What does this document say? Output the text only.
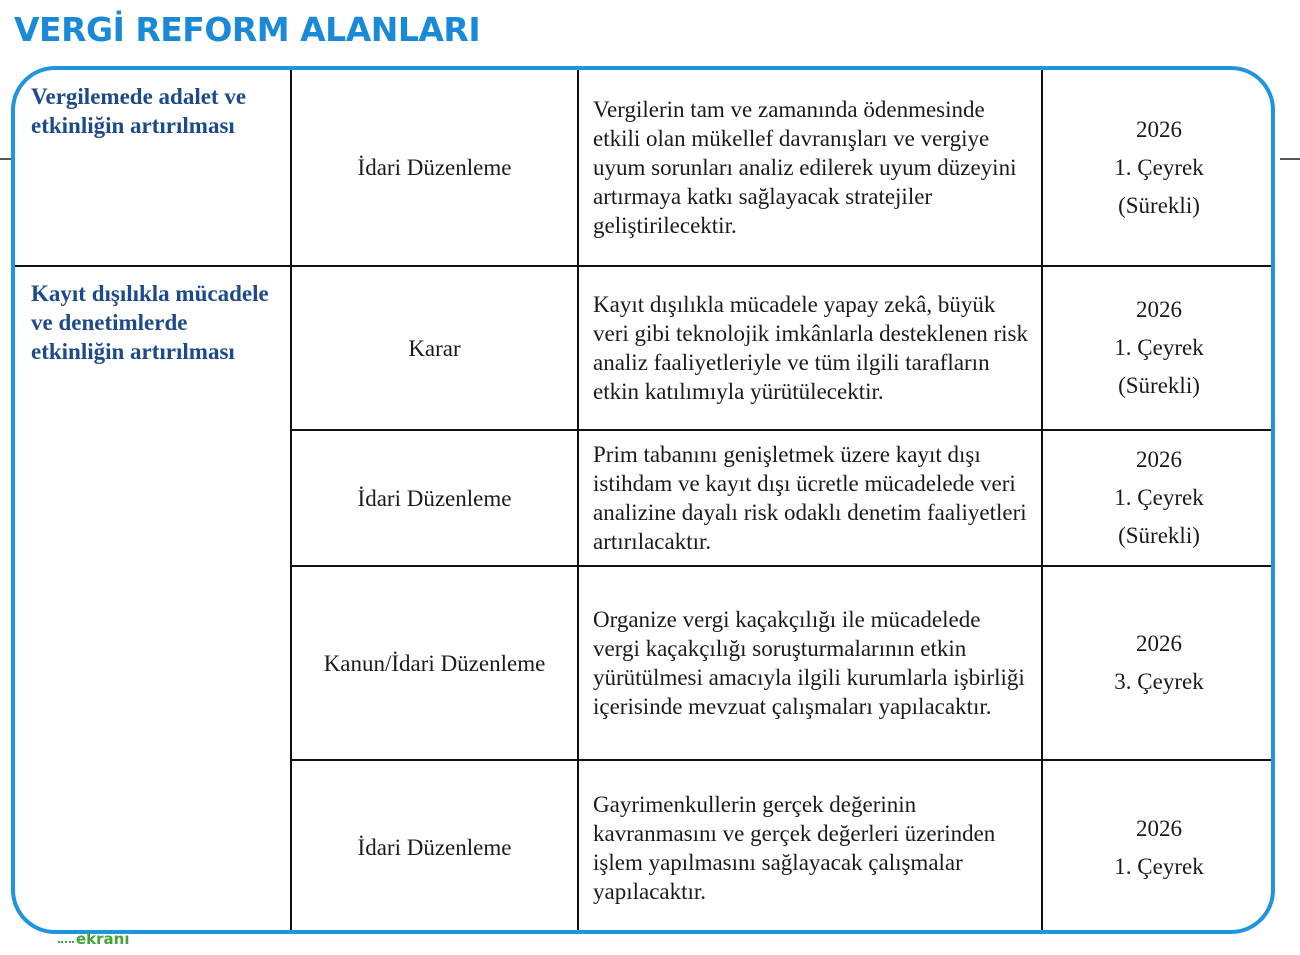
VERGİ REFORM ALANLARI
Vergilemede adalet ve etkinliğin artırılması	İdari Düzenleme	Vergilerin tam ve zamanında ödenmesinde etkili olan mükellef davranışları ve vergiye uyum sorunları analiz edilerek uyum düzeyini artırmaya katkı sağlayacak stratejiler geliştirilecektir.	2026
1. Çeyrek
(Sürekli)

Kayıt dışılıkla mücadele ve denetimlerde etkinliğin artırılması	Karar	Kayıt dışılıkla mücadele yapay zekâ, büyük veri gibi teknolojik imkânlarla desteklenen risk analiz faaliyetleriyle ve tüm ilgili tarafların etkin katılımıyla yürütülecektir.	2026
1. Çeyrek
(Sürekli)

	İdari Düzenleme	Prim tabanını genişletmek üzere kayıt dışı istihdam ve kayıt dışı ücretle mücadelede veri analizine dayalı risk odaklı denetim faaliyetleri artırılacaktır.	2026
1. Çeyrek
(Sürekli)

	Kanun/İdari Düzenleme	Organize vergi kaçakçılığı ile mücadelede vergi kaçakçılığı soruşturmalarının etkin yürütülmesi amacıyla ilgili kurumlarla işbirliği içerisinde mevzuat çalışmaları yapılacaktır.	2026
3. Çeyrek

	İdari Düzenleme	Gayrimenkullerin gerçek değerinin kavranmasını ve gerçek değerleri üzerinden işlem yapılmasını sağlayacak çalışmalar yapılacaktır.	2026
1. Çeyrek
ekranı
